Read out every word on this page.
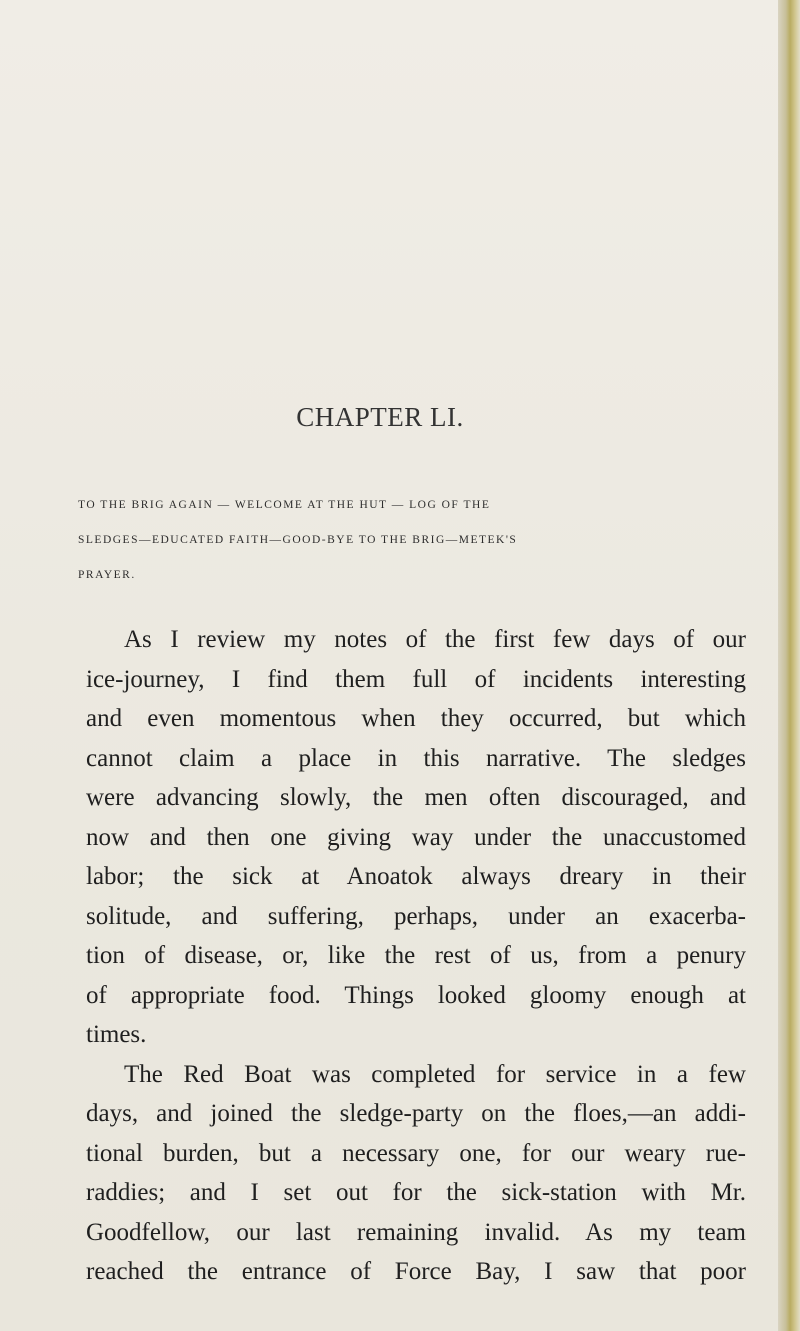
CHAPTER LI.
TO THE BRIG AGAIN — WELCOME AT THE HUT — LOG OF THE
SLEDGES—EDUCATED FAITH—GOOD-BYE TO THE BRIG—METEK'S
PRAYER.
As I review my notes of the first few days of our
ice-journey, I find them full of incidents interesting
and even momentous when they occurred, but which
cannot claim a place in this narrative. The sledges
were advancing slowly, the men often discouraged, and
now and then one giving way under the unaccustomed
labor; the sick at Anoatok always dreary in their
solitude, and suffering, perhaps, under an exacerba-
tion of disease, or, like the rest of us, from a penury
of appropriate food. Things looked gloomy enough at
times.
The Red Boat was completed for service in a few
days, and joined the sledge-party on the floes,—an addi-
tional burden, but a necessary one, for our weary rue-
raddies; and I set out for the sick-station with Mr.
Goodfellow, our last remaining invalid. As my team
reached the entrance of Force Bay, I saw that poor
